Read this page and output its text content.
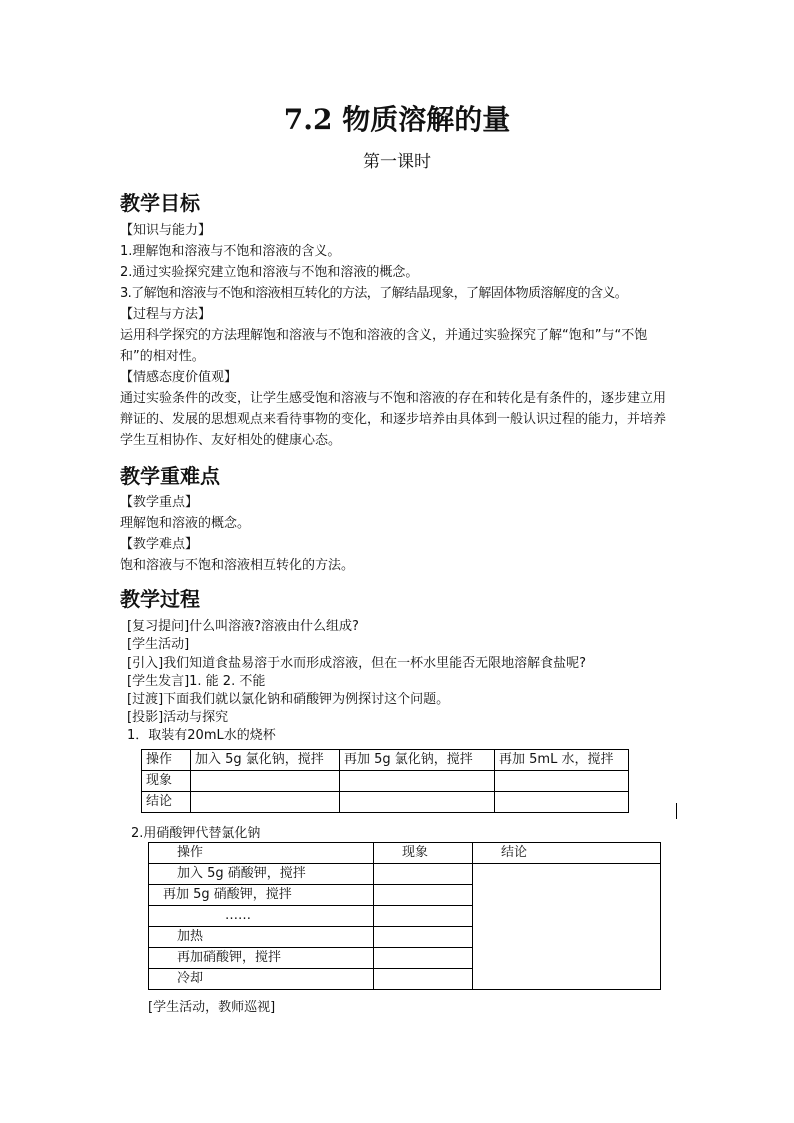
7.2 物质溶解的量
第一课时
教学目标
【知识与能力】
1.理解饱和溶液与不饱和溶液的含义。
2.通过实验探究建立饱和溶液与不饱和溶液的概念。
3.了解饱和溶液与不饱和溶液相互转化的方法，了解结晶现象，了解固体物质溶解度的含义。
【过程与方法】
运用科学探究的方法理解饱和溶液与不饱和溶液的含义，并通过实验探究了解“饱和”与“不饱和”的相对性。
【情感态度价值观】
通过实验条件的改变，让学生感受饱和溶液与不饱和溶液的存在和转化是有条件的，逐步建立用辩证的、发展的思想观点来看待事物的变化，和逐步培养由具体到一般认识过程的能力，并培养学生互相协作、友好相处的健康心态。
教学重难点
【教学重点】
理解饱和溶液的概念。
【教学难点】
饱和溶液与不饱和溶液相互转化的方法。
教学过程
[复习提问]什么叫溶液?溶液由什么组成?
[学生活动]
[引入]我们知道食盐易溶于水而形成溶液，但在一杯水里能否无限地溶解食盐呢?
[学生发言]1. 能 2. 不能
[过渡]下面我们就以氯化钠和硝酸钾为例探讨这个问题。
[投影]活动与探究
1．取装有20mL水的烧杯
操作	加入 5g 氯化钠，搅拌	再加 5g 氯化钠，搅拌	再加 5mL 水，搅拌
现象			
结论			
2.用硝酸钾代替氯化钠
操作	现象	结论
加入 5g 硝酸钾，搅拌		
再加 5g 硝酸钾，搅拌		
……		
加热		
再加硝酸钾，搅拌		
冷却		
[学生活动，教师巡视]
